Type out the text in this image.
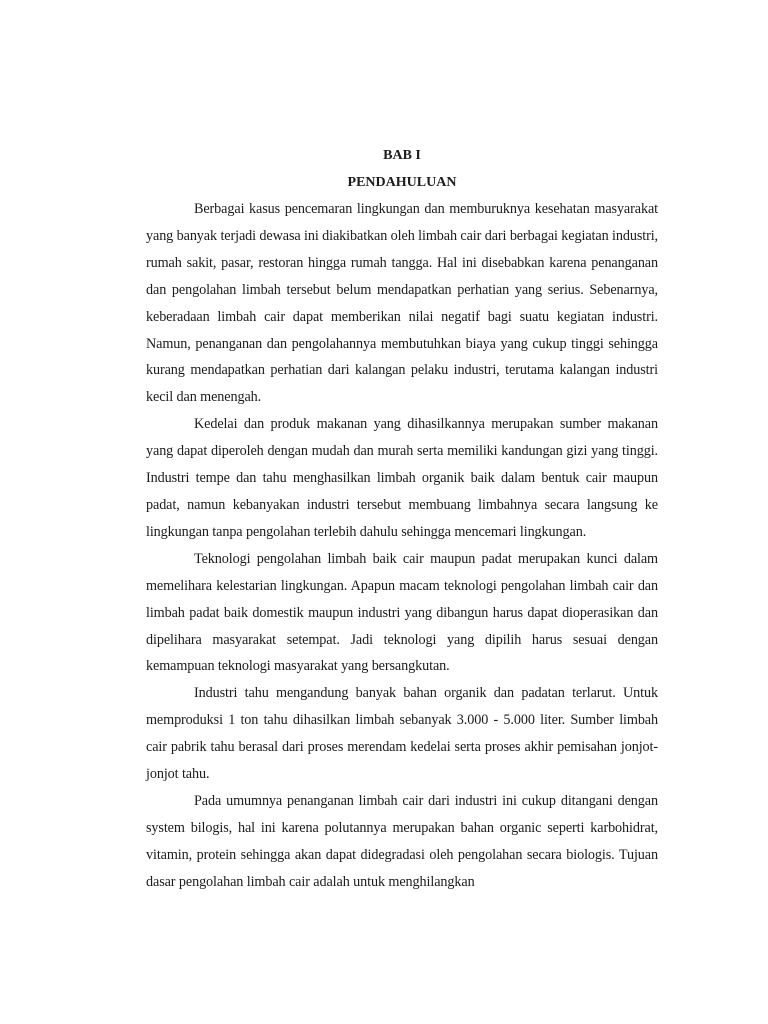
BAB I

PENDAHULUAN

Berbagai kasus pencemaran lingkungan dan memburuknya kesehatan masyarakat yang banyak terjadi dewasa ini diakibatkan oleh limbah cair dari berbagai kegiatan industri, rumah sakit, pasar, restoran hingga rumah tangga. Hal ini disebabkan karena penanganan dan pengolahan limbah tersebut belum mendapatkan perhatian yang serius. Sebenarnya, keberadaan limbah cair dapat memberikan nilai negatif bagi suatu kegiatan industri. Namun, penanganan dan pengolahannya membutuhkan biaya yang cukup tinggi sehingga kurang mendapatkan perhatian dari kalangan pelaku industri, terutama kalangan industri kecil dan menengah.

Kedelai dan produk makanan yang dihasilkannya merupakan sumber makanan yang dapat diperoleh dengan mudah dan murah serta memiliki kandungan gizi yang tinggi. Industri tempe dan tahu menghasilkan limbah organik baik dalam bentuk cair maupun padat, namun kebanyakan industri tersebut membuang limbahnya secara langsung ke lingkungan tanpa pengolahan terlebih dahulu sehingga mencemari lingkungan.

Teknologi pengolahan limbah baik cair maupun padat merupakan kunci dalam memelihara kelestarian lingkungan. Apapun macam teknologi pengolahan limbah cair dan limbah padat baik domestik maupun industri yang dibangun harus dapat dioperasikan dan dipelihara masyarakat setempat. Jadi teknologi yang dipilih harus sesuai dengan kemampuan teknologi masyarakat yang bersangkutan.

Industri tahu mengandung banyak bahan organik dan padatan terlarut. Untuk memproduksi 1 ton tahu dihasilkan limbah sebanyak 3.000 - 5.000 liter. Sumber limbah cair pabrik tahu berasal dari proses merendam kedelai serta proses akhir pemisahan jonjot-jonjot tahu.

Pada umumnya penanganan limbah cair dari industri ini cukup ditangani dengan system bilogis, hal ini karena polutannya merupakan bahan organic seperti karbohidrat, vitamin, protein sehingga akan dapat didegradasi oleh pengolahan secara biologis. Tujuan dasar pengolahan limbah cair adalah untuk menghilangkan
